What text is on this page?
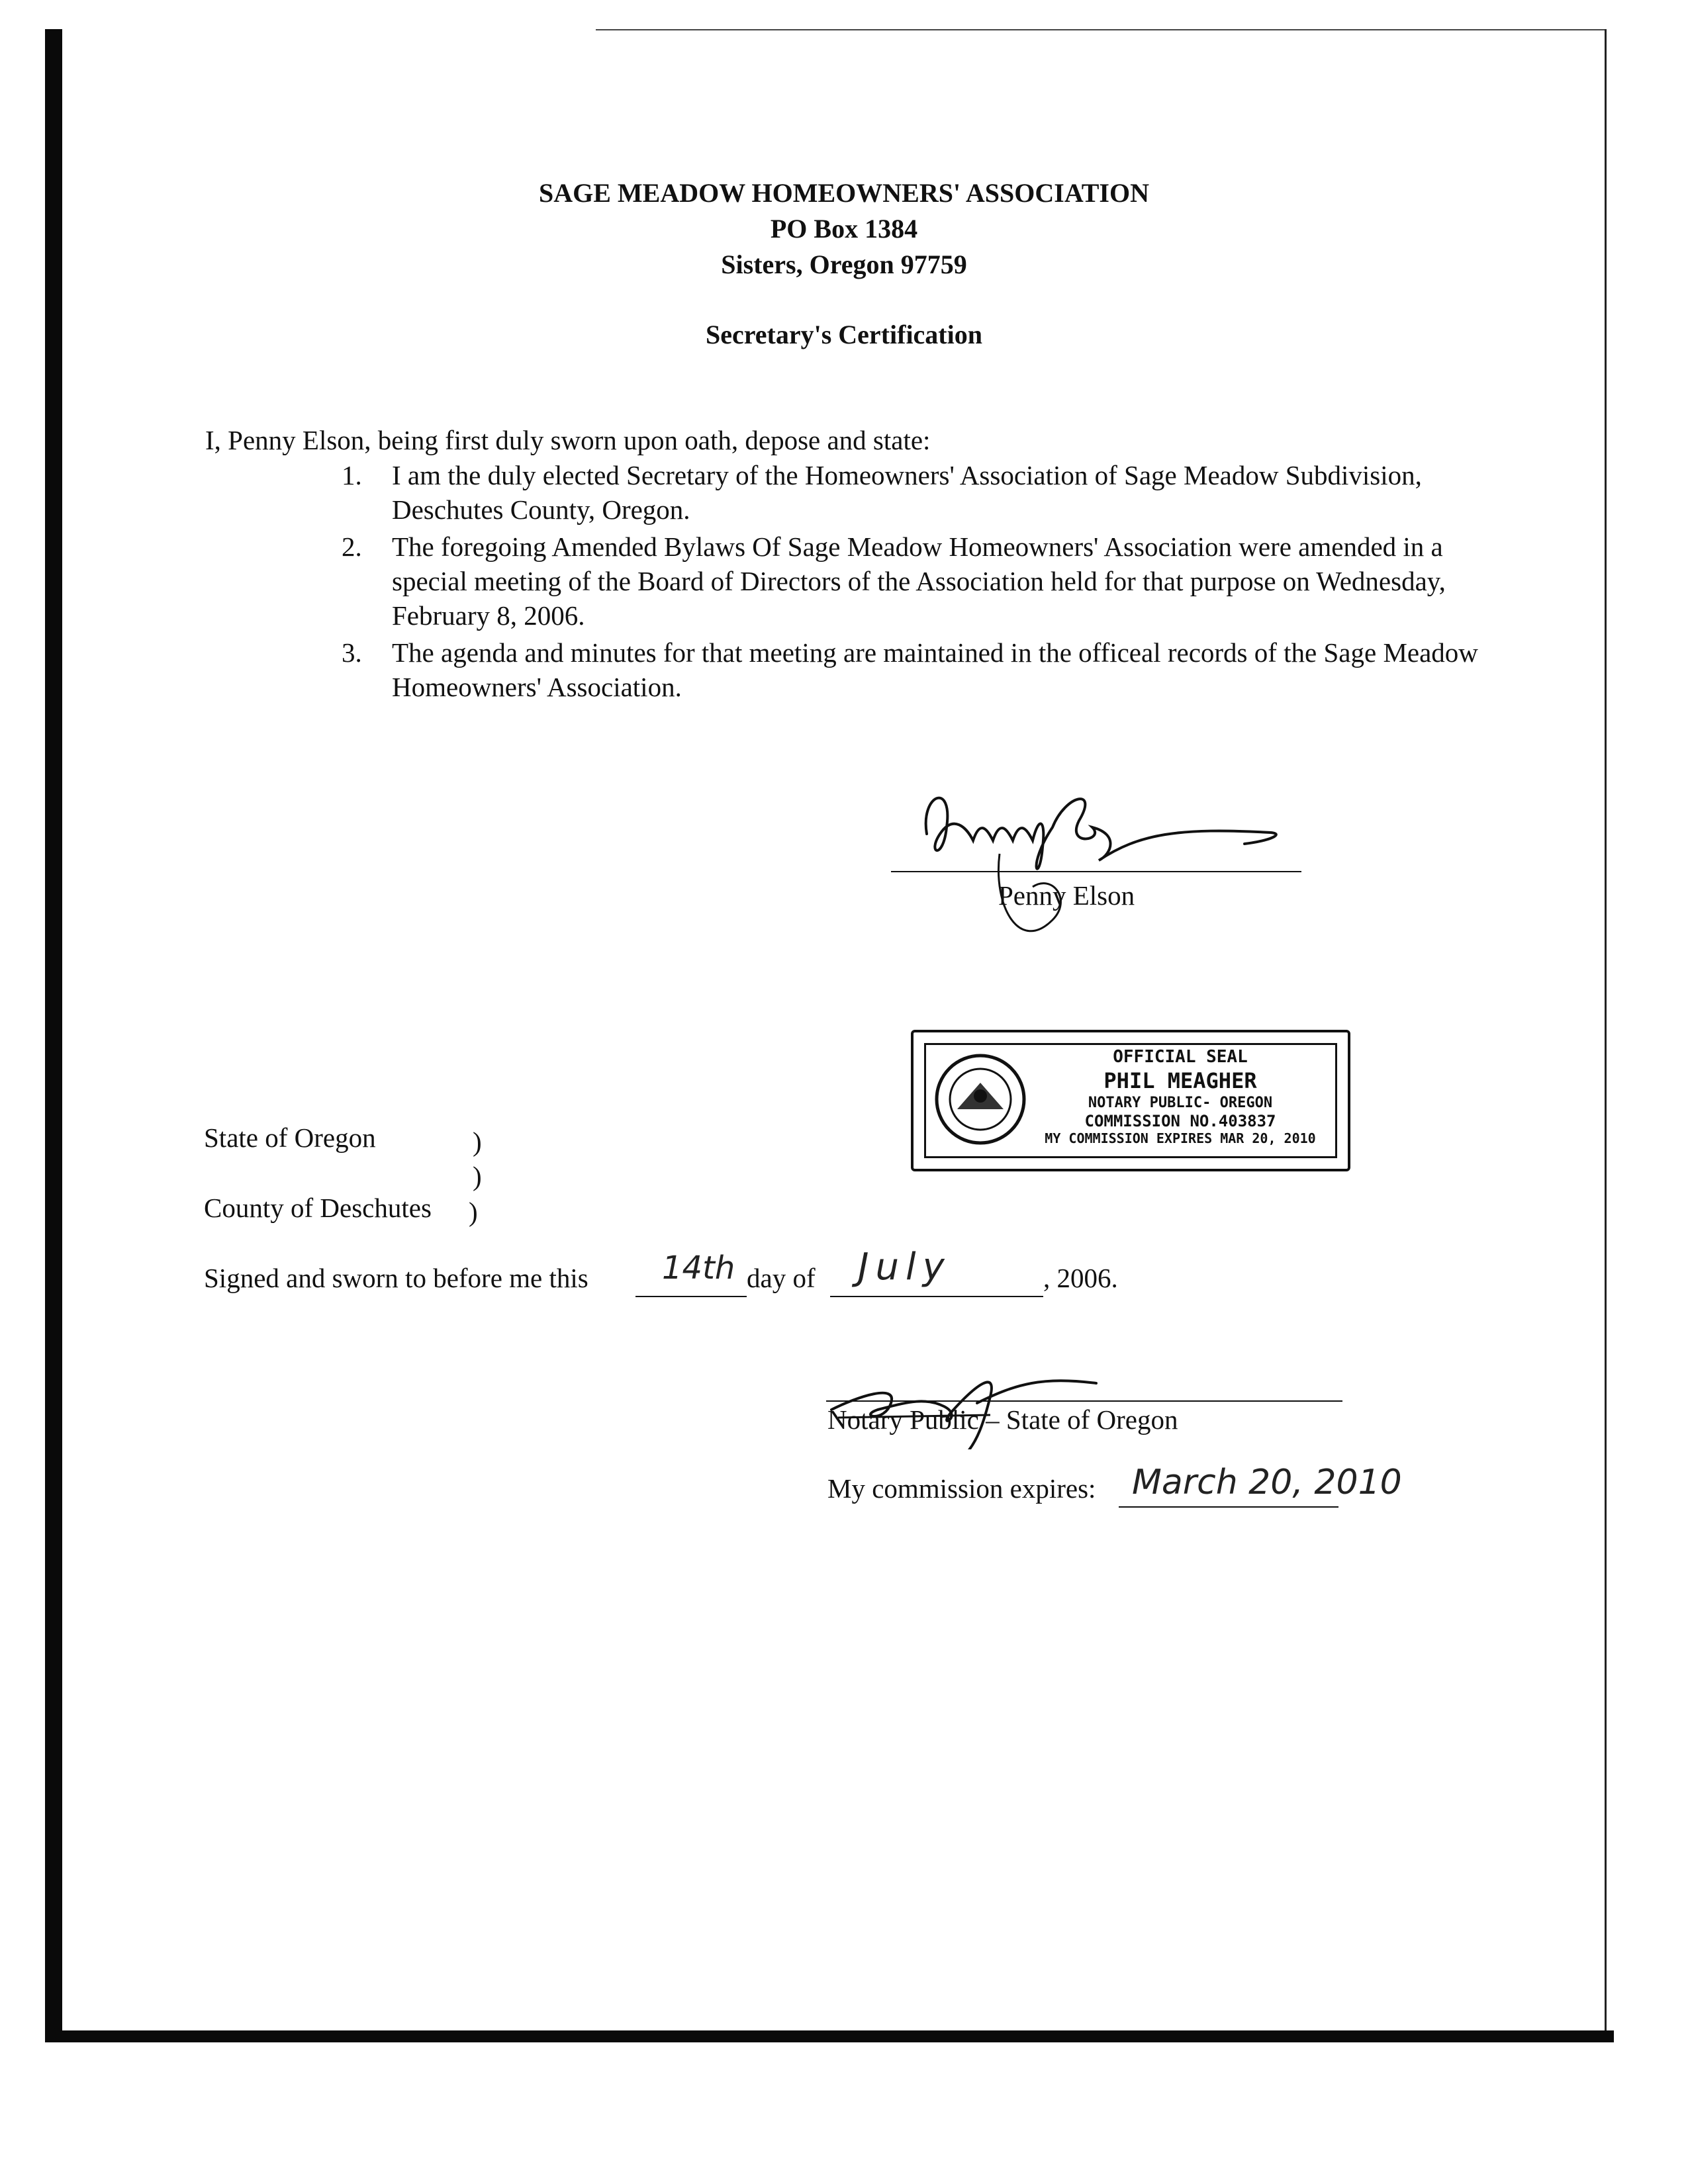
SAGE MEADOW HOMEOWNERS' ASSOCIATION
PO Box 1384
Sisters, Oregon 97759
Secretary's Certification
I, Penny Elson, being first duly sworn upon oath, depose and state:
1. I am the duly elected Secretary of the Homeowners' Association of Sage Meadow Subdivision, Deschutes County, Oregon.
2. The foregoing Amended Bylaws Of Sage Meadow Homeowners' Association were amended in a special meeting of the Board of Directors of the Association held for that purpose on Wednesday, February 8, 2006.
3. The agenda and minutes for that meeting are maintained in the officeal records of the Sage Meadow Homeowners' Association.
Penny Elson
OFFICIAL SEAL
PHIL MEAGHER
NOTARY PUBLIC- OREGON
COMMISSION NO.403837
MY COMMISSION EXPIRES MAR 20, 2010
State of Oregon	)
)
County of Deschutes )
Signed and sworn to before me this 14th day of July	, 2006.
Notary Public – State of Oregon
My commission expires: March 20, 2010
